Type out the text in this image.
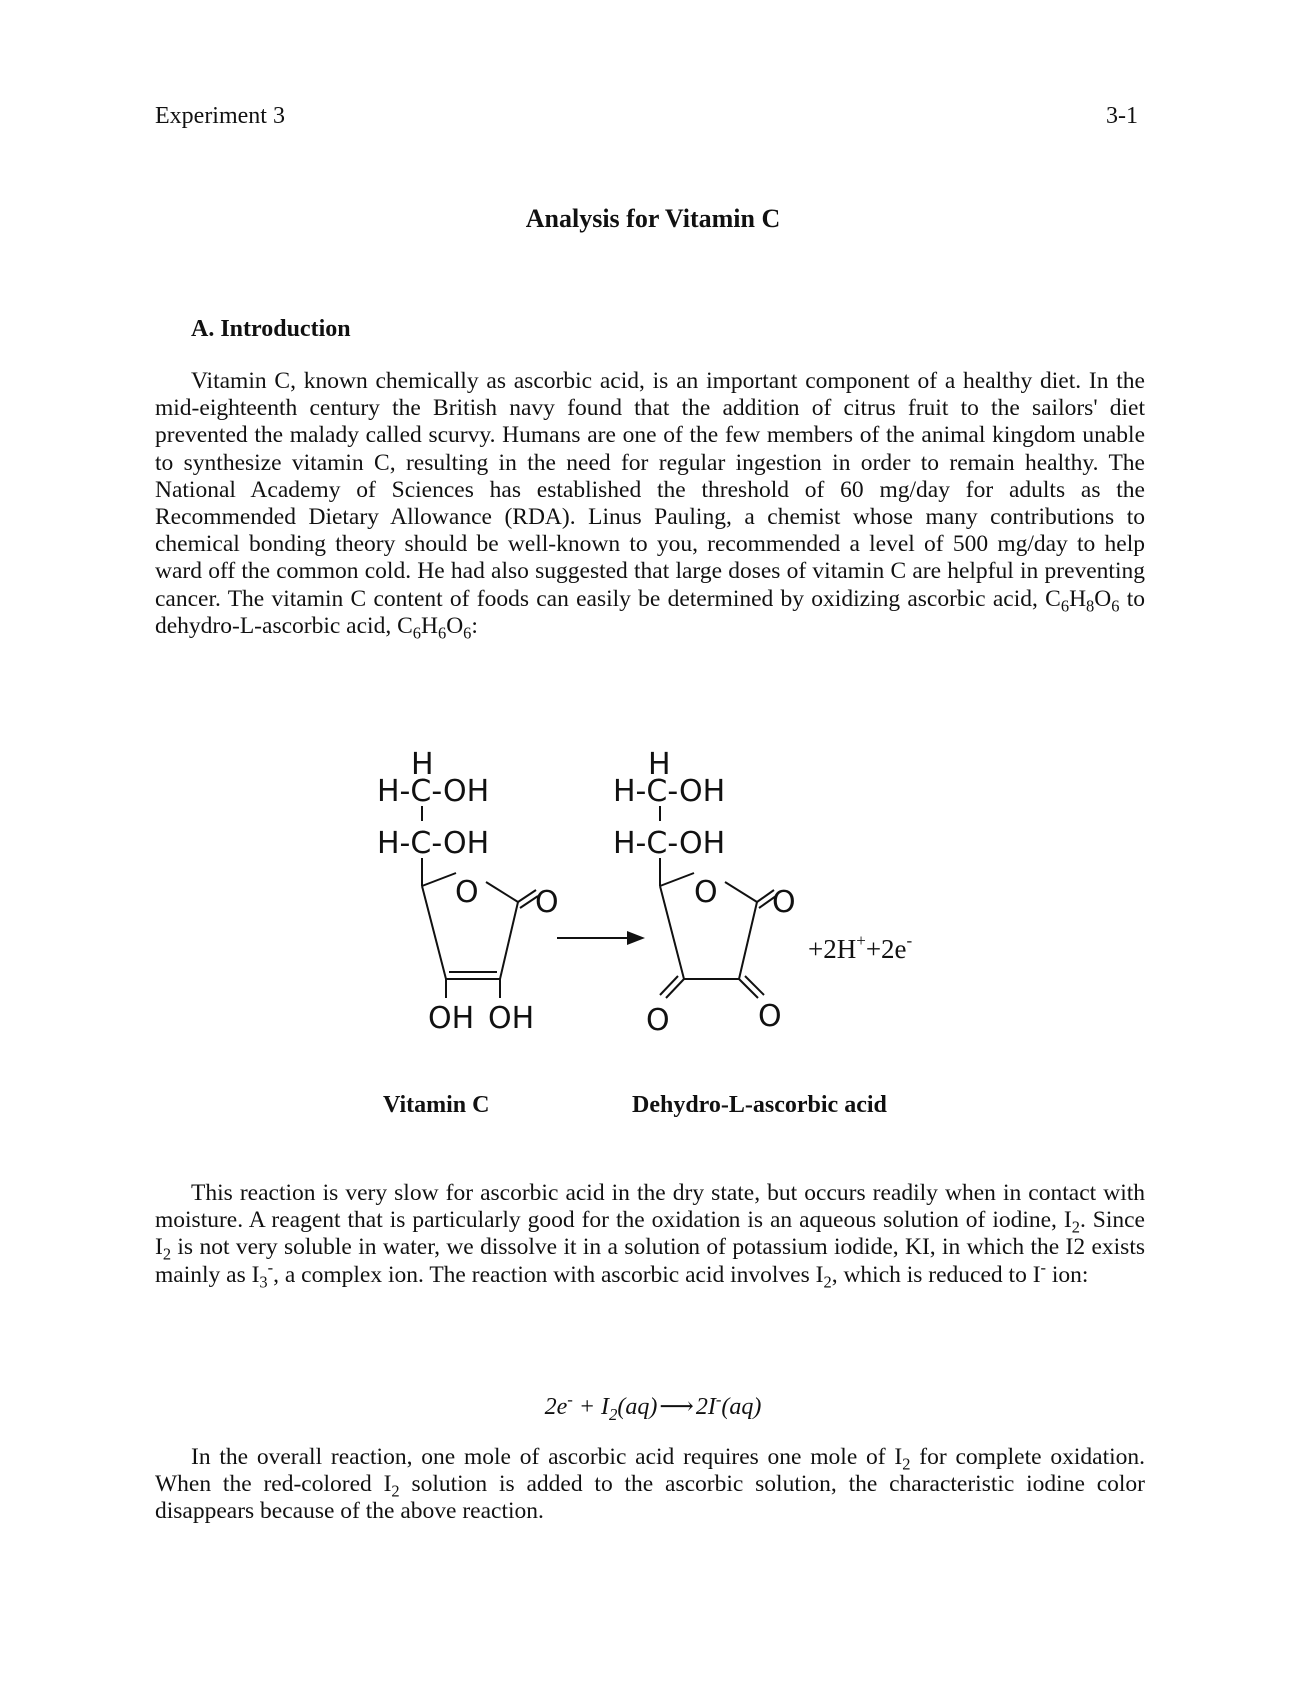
Experiment 3	3-1
Analysis for Vitamin C
A. Introduction

Vitamin C, known chemically as ascorbic acid, is an important component of a healthy diet. In the mid-eighteenth century the British navy found that the addition of citrus fruit to the sailors' diet prevented the malady called scurvy. Humans are one of the few members of the animal kingdom unable to synthesize vitamin C, resulting in the need for regular ingestion in order to remain healthy. The National Academy of Sciences has established the threshold of 60 mg/day for adults as the Recommended Dietary Allowance (RDA). Linus Pauling, a chemist whose many contributions to chemical bonding theory should be well-known to you, recommended a level of 500 mg/day to help ward off the common cold. He had also suggested that large doses of vitamin C are helpful in preventing cancer. The vitamin C content of foods can easily be determined by oxidizing ascorbic acid, $C_6H_8O_6$ to dehydro-L-ascorbic acid, $C_6H_6O_6$:

H
H-C-OH
H-C-OH
O O
OH OH
H
H-C-OH
H-C-OH
O O
O	O
+2H++2e-
Vitamin C	Dehydro-L-ascorbic acid

This reaction is very slow for ascorbic acid in the dry state, but occurs readily when in contact with moisture. A reagent that is particularly good for the oxidation is an aqueous solution of iodine, $I_2$. Since $I_2$ is not very soluble in water, we dissolve it in a solution of potassium iodide, KI, in which the I2 exists mainly as $I_3^-$, a complex ion. The reaction with ascorbic acid involves $I_2$, which is reduced to I- ion:

$2e^- + I_2(aq)⟶2I^-(aq)$

In the overall reaction, one mole of ascorbic acid requires one mole of $I_2$ for complete oxidation. When the red-colored $I_2$ solution is added to the ascorbic solution, the characteristic iodine color disappears because of the above reaction.
